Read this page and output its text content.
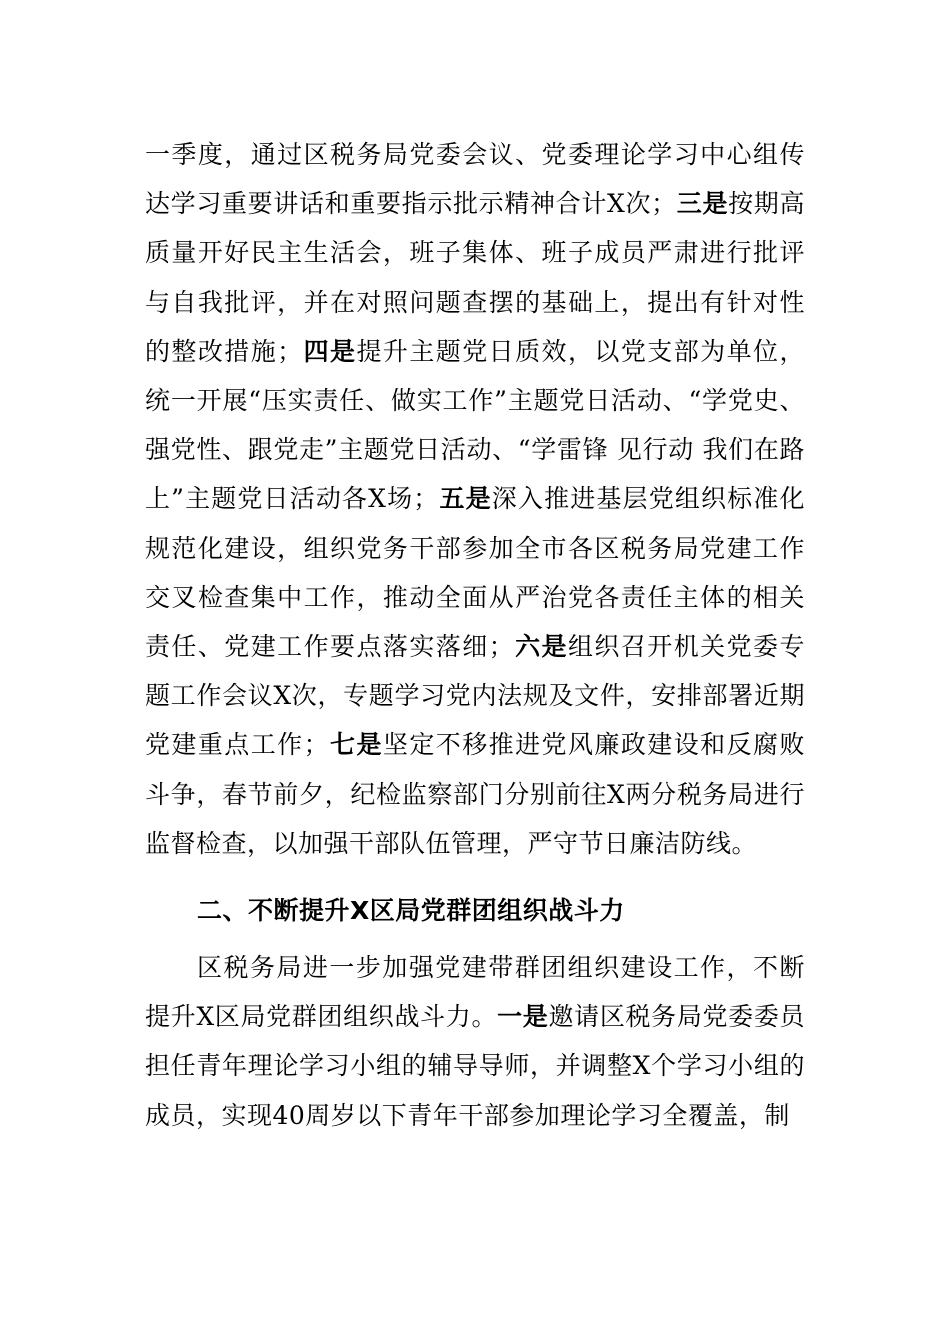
一季度，通过区税务局党委会议、党委理论学习中心组传达学习重要讲话和重要指示批示精神合计X次；三是按期高质量开好民主生活会，班子集体、班子成员严肃进行批评与自我批评，并在对照问题查摆的基础上，提出有针对性的整改措施；四是提升主题党日质效，以党支部为单位，统一开展“压实责任、做实工作”主题党日活动、“学党史、强党性、跟党走”主题党日活动、“学雷锋 见行动 我们在路上”主题党日活动各X场；五是深入推进基层党组织标准化规范化建设，组织党务干部参加全市各区税务局党建工作交叉检查集中工作，推动全面从严治党各责任主体的相关责任、党建工作要点落实落细；六是组织召开机关党委专题工作会议X次，专题学习党内法规及文件，安排部署近期党建重点工作；七是坚定不移推进党风廉政建设和反腐败斗争，春节前夕，纪检监察部门分别前往X两分税务局进行监督检查，以加强干部队伍管理，严守节日廉洁防线。

二、不断提升X区局党群团组织战斗力

区税务局进一步加强党建带群团组织建设工作，不断提升X区局党群团组织战斗力。一是邀请区税务局党委委员担任青年理论学习小组的辅导导师，并调整X个学习小组的成员，实现40周岁以下青年干部参加理论学习全覆盖，制
